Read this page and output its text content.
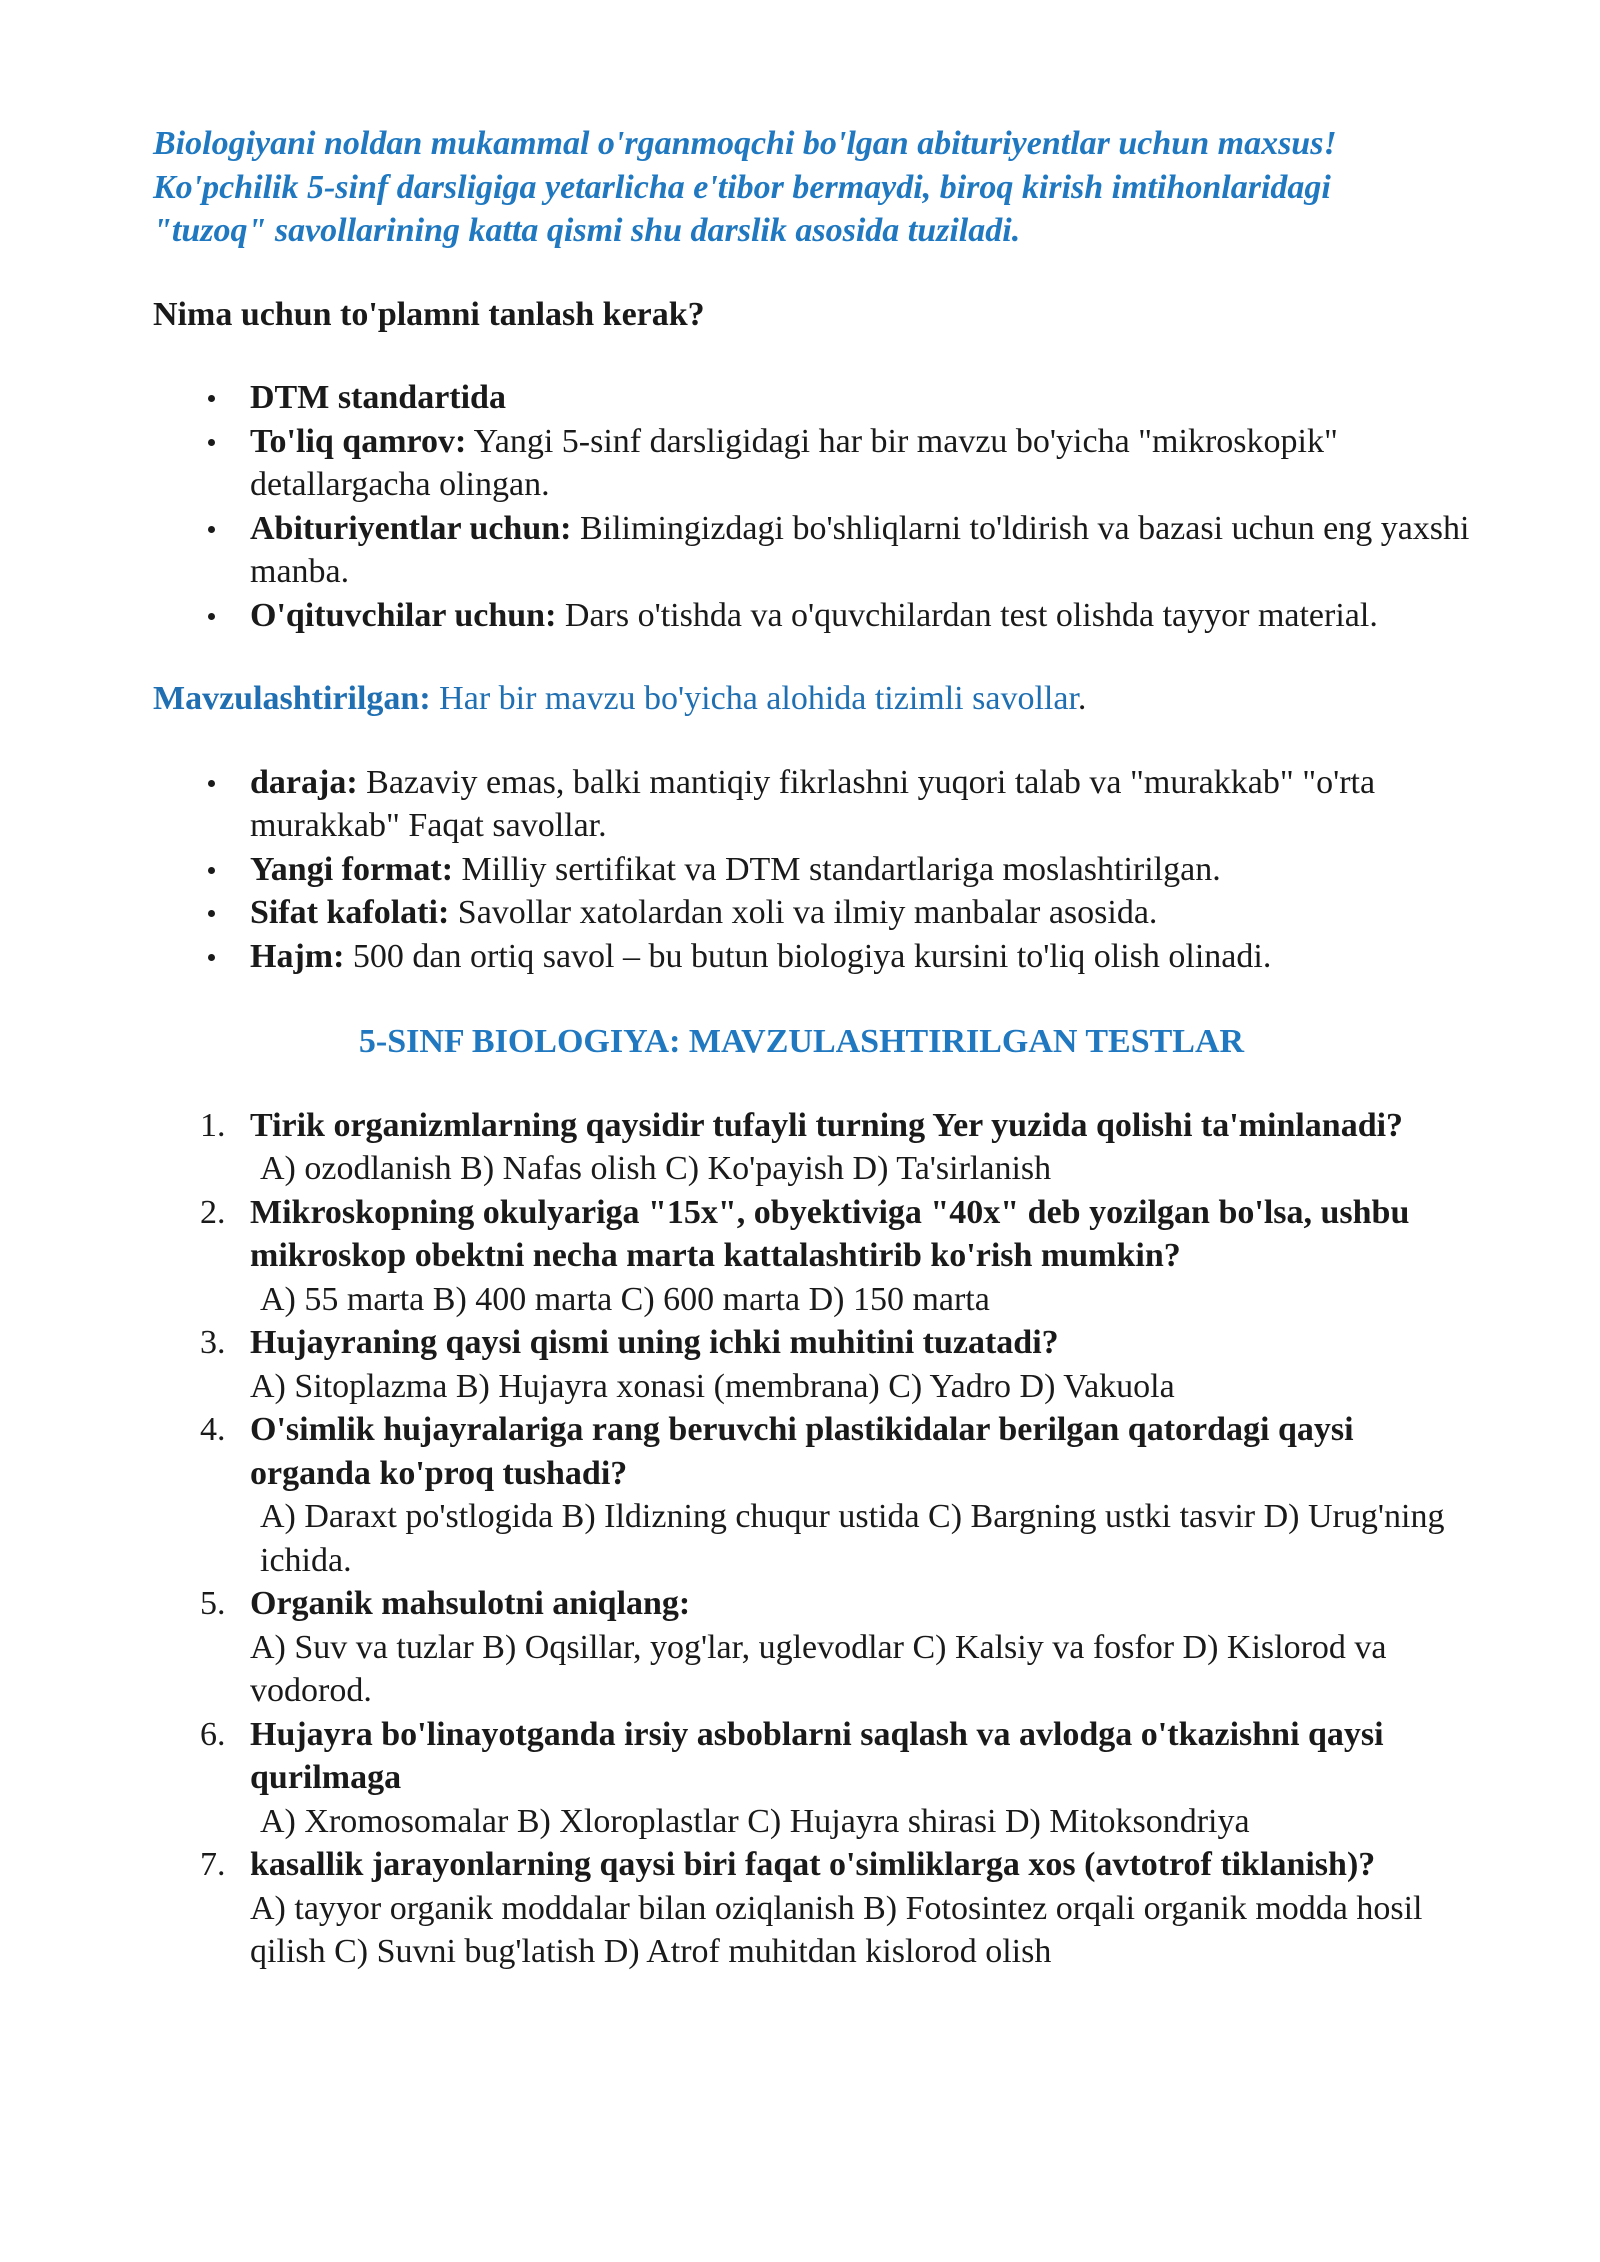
Biologiyani noldan mukammal o'rganmoqchi bo'lgan abituriyentlar uchun maxsus!

Ko'pchilik 5-sinf darsligiga yetarlicha e'tibor bermaydi, biroq kirish imtihonlaridagi

"tuzoq" savollarining katta qismi shu darslik asosida tuziladi.

Nima uchun to'plamni tanlash kerak?

DTM standartida
To'liq qamrov: Yangi 5-sinf darsligidagi har bir mavzu bo'yicha "mikroskopik" detallargacha olingan.
Abituriyentlar uchun: Bilimingizdagi bo'shliqlarni to'ldirish va bazasi uchun eng yaxshi manba.
O'qituvchilar uchun: Dars o'tishda va o'quvchilardan test olishda tayyor material.

Mavzulashtirilgan: Har bir mavzu bo'yicha alohida tizimli savollar.

daraja: Bazaviy emas, balki mantiqiy fikrlashni yuqori talab va "murakkab" "o'rta murakkab" Faqat savollar.
Yangi format: Milliy sertifikat va DTM standartlariga moslashtirilgan.
Sifat kafolati: Savollar xatolardan xoli va ilmiy manbalar asosida.
Hajm: 500 dan ortiq savol – bu butun biologiya kursini to'liq olish olinadi.

5-SINF BIOLOGIYA: MAVZULASHTIRILGAN TESTLAR

1. Tirik organizmlarning qaysidir tufayli turning Yer yuzida qolishi ta'minlanadi?
A) ozodlanish B) Nafas olish C) Ko'payish D) Ta'sirlanish
2. Mikroskopning okulyariga "15x", obyektiviga "40x" deb yozilgan bo'lsa, ushbu mikroskop obektni necha marta kattalashtirib ko'rish mumkin?
A) 55 marta B) 400 marta C) 600 marta D) 150 marta
3. Hujayraning qaysi qismi uning ichki muhitini tuzatadi?
A) Sitoplazma B) Hujayra xonasi (membrana) C) Yadro D) Vakuola
4. O'simlik hujayralariga rang beruvchi plastikidalar berilgan qatordagi qaysi organda ko'proq tushadi?
A) Daraxt po'stlogida B) Ildizning chuqur ustida C) Bargning ustki tasvir D) Urug'ning ichida.
5. Organik mahsulotni aniqlang:
A) Suv va tuzlar B) Oqsillar, yog'lar, uglevodlar C) Kalsiy va fosfor D) Kislorod va vodorod.
6. Hujayra bo'linayotganda irsiy asboblarni saqlash va avlodga o'tkazishni qaysi qurilmaga
A) Xromosomalar B) Xloroplastlar C) Hujayra shirasi D) Mitoksondriya
7. kasallik jarayonlarning qaysi biri faqat o'simliklarga xos (avtotrof tiklanish)?
A) tayyor organik moddalar bilan oziqlanish B) Fotosintez orqali organik modda hosil qilish C) Suvni bug'latish D) Atrof muhitdan kislorod olish
